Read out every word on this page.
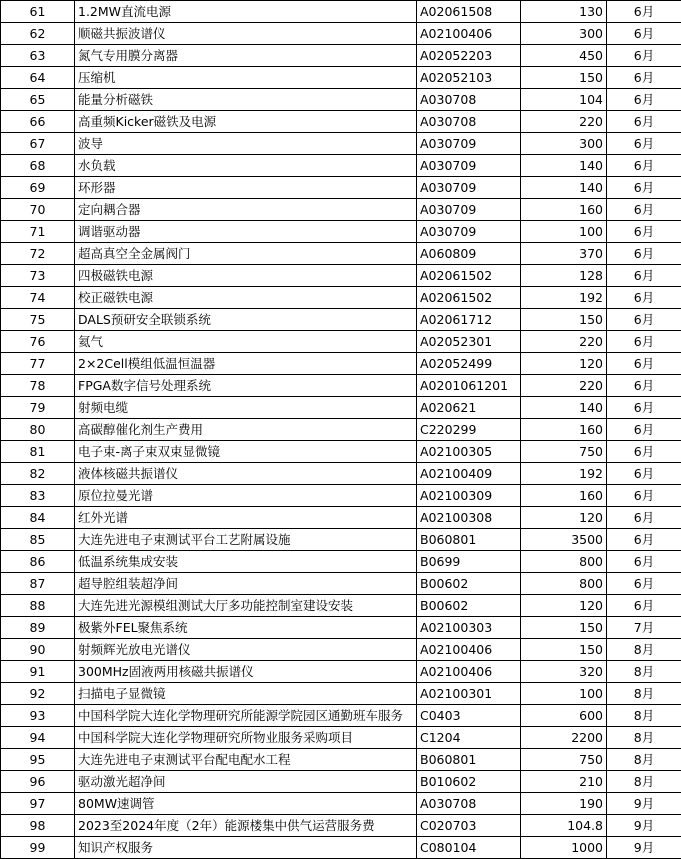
61	1.2MW直流电源	A02061508	130	6月
62	顺磁共振波谱仪	A02100406	300	6月
63	氮气专用膜分离器	A02052203	450	6月
64	压缩机	A02052103	150	6月
65	能量分析磁铁	A030708	104	6月
66	高重频Kicker磁铁及电源	A030708	220	6月
67	波导	A030709	300	6月
68	水负载	A030709	140	6月
69	环形器	A030709	140	6月
70	定向耦合器	A030709	160	6月
71	调谐驱动器	A030709	100	6月
72	超高真空全金属阀门	A060809	370	6月
73	四极磁铁电源	A02061502	128	6月
74	校正磁铁电源	A02061502	192	6月
75	DALS预研安全联锁系统	A02061712	150	6月
76	氦气	A02052301	220	6月
77	2×2Cell模组低温恒温器	A02052499	120	6月
78	FPGA数字信号处理系统	A0201061201	220	6月
79	射频电缆	A020621	140	6月
80	高碳醇催化剂生产费用	C220299	160	6月
81	电子束-离子束双束显微镜	A02100305	750	6月
82	液体核磁共振谱仪	A02100409	192	6月
83	原位拉曼光谱	A02100309	160	6月
84	红外光谱	A02100308	120	6月
85	大连先进电子束测试平台工艺附属设施	B060801	3500	6月
86	低温系统集成安装	B0699	800	6月
87	超导腔组装超净间	B00602	800	6月
88	大连先进光源模组测试大厅多功能控制室建设安装	B00602	120	6月
89	极紫外FEL聚焦系统	A02100303	150	7月
90	射频辉光放电光谱仪	A02100406	150	8月
91	300MHz固液两用核磁共振谱仪	A02100406	320	8月
92	扫描电子显微镜	A02100301	100	8月
93	中国科学院大连化学物理研究所能源学院园区通勤班车服务	C0403	600	8月
94	中国科学院大连化学物理研究所物业服务采购项目	C1204	2200	8月
95	大连先进电子束测试平台配电配水工程	B060801	750	8月
96	驱动激光超净间	B010602	210	8月
97	80MW速调管	A030708	190	9月
98	2023至2024年度（2年）能源楼集中供气运营服务费	C020703	104.8	9月
99	知识产权服务	C080104	1000	9月
